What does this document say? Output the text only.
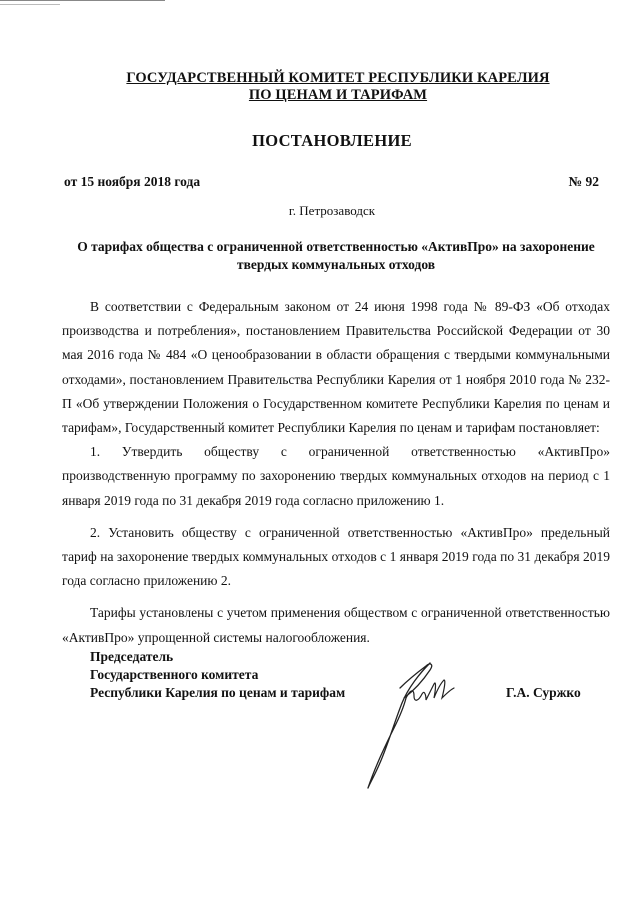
ГОСУДАРСТВЕННЫЙ КОМИТЕТ РЕСПУБЛИКИ КАРЕЛИЯ
ПО ЦЕНАМ И ТАРИФАМ
ПОСТАНОВЛЕНИЕ
от 15 ноября 2018 года	№ 92
г. Петрозаводск
О тарифах общества с ограниченной ответственностью «АктивПро» на захоронение твердых коммунальных отходов

В соответствии с Федеральным законом от 24 июня 1998 года № 89-ФЗ «Об отходах производства и потребления», постановлением Правительства Российской Федерации от 30 мая 2016 года № 484 «О ценообразовании в области обращения с твердыми коммунальными отходами», постановлением Правительства Республики Карелия от 1 ноября 2010 года № 232-П «Об утверждении Положения о Государственном комитете Республики Карелия по ценам и тарифам», Государственный комитет Республики Карелия по ценам и тарифам постановляет:

1. Утвердить обществу с ограниченной ответственностью «АктивПро» производственную программу по захоронению твердых коммунальных отходов на период с 1 января 2019 года по 31 декабря 2019 года согласно приложению 1.

2. Установить обществу с ограниченной ответственностью «АктивПро» предельный тариф на захоронение твердых коммунальных отходов с 1 января 2019 года по 31 декабря 2019 года согласно приложению 2.

Тарифы установлены с учетом применения обществом с ограниченной ответственностью «АктивПро» упрощенной системы налогообложения.

Председатель
Государственного комитета
Республики Карелия по ценам и тарифам	Г.А. Суржко
